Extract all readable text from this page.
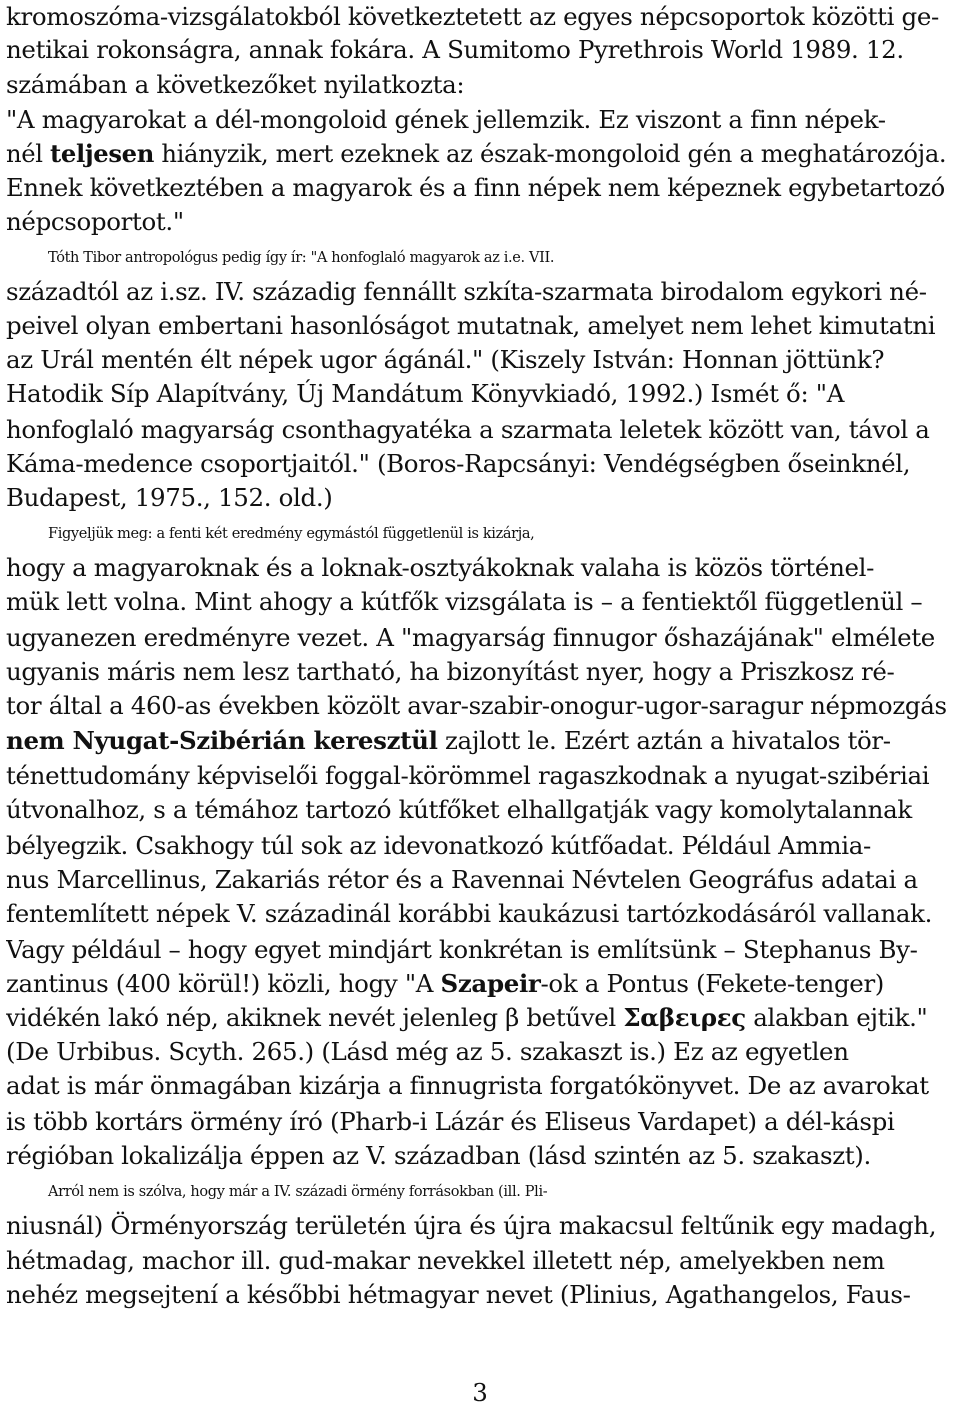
kromoszóma-vizsgálatokból következtetett az egyes népcsoportok közötti ge-
netikai rokonságra, annak fokára. A Sumitomo Pyrethrois World 1989. 12.
számában a következőket nyilatkozta:
"A magyarokat a dél-mongoloid gének jellemzik. Ez viszont a finn népek-
nél teljesen hiányzik, mert ezeknek az észak-mongoloid gén a meghatározója.
Ennek következtében a magyarok és a finn népek nem képeznek egybetartozó
népcsoportot."
Tóth Tibor antropológus pedig így ír: "A honfoglaló magyarok az i.e. VII.
századtól az i.sz. IV. századig fennállt szkíta-szarmata birodalom egykori né-
peivel olyan embertani hasonlóságot mutatnak, amelyet nem lehet kimutatni
az Urál mentén élt népek ugor ágánál." (Kiszely István: Honnan jöttünk?
Hatodik Síp Alapítvány, Új Mandátum Könyvkiadó, 1992.) Ismét ő: "A
honfoglaló magyarság csonthagyatéka a szarmata leletek között van, távol a
Káma-medence csoportjaitól." (Boros-Rapcsányi: Vendégségben őseinknél,
Budapest, 1975., 152. old.)
Figyeljük meg: a fenti két eredmény egymástól függetlenül is kizárja,
hogy a magyaroknak és a loknak-osztyákoknak valaha is közös történel-
mük lett volna. Mint ahogy a kútfők vizsgálata is – a fentiektől függetlenül –
ugyanezen eredményre vezet. A "magyarság finnugor őshazájának" elmélete
ugyanis máris nem lesz tartható, ha bizonyítást nyer, hogy a Priszkosz ré-
tor által a 460-as években közölt avar-szabir-onogur-ugor-saragur népmozgás
nem Nyugat-Szibérián keresztül zajlott le. Ezért aztán a hivatalos tör-
ténettudomány képviselői foggal-körömmel ragaszkodnak a nyugat-szibériai
útvonalhoz, s a témához tartozó kútfőket elhallgatják vagy komolytalannak
bélyegzik. Csakhogy túl sok az idevonatkozó kútfőadat. Például Ammia-
nus Marcellinus, Zakariás rétor és a Ravennai Névtelen Geográfus adatai a
fentemlített népek V. századinál korábbi kaukázusi tartózkodásáról vallanak.
Vagy például – hogy egyet mindjárt konkrétan is említsünk – Stephanus By-
zantinus (400 körül!) közli, hogy "A Szapeir-ok a Pontus (Fekete-tenger)
vidékén lakó nép, akiknek nevét jelenleg β betűvel Σαβειρες alakban ejtik."
(De Urbibus. Scyth. 265.) (Lásd még az 5. szakaszt is.) Ez az egyetlen
adat is már önmagában kizárja a finnugrista forgatókönyvet. De az avarokat
is több kortárs örmény író (Pharb-i Lázár és Eliseus Vardapet) a dél-káspi
régióban lokalizálja éppen az V. században (lásd szintén az 5. szakaszt).
Arról nem is szólva, hogy már a IV. századi örmény forrásokban (ill. Pli-
niusnál) Örményország területén újra és újra makacsul feltűnik egy madagh,
hétmadag, machor ill. gud-makar nevekkel illetett nép, amelyekben nem
nehéz megsejtení a későbbi hétmagyar nevet (Plinius, Agathangelos, Faus-
3
